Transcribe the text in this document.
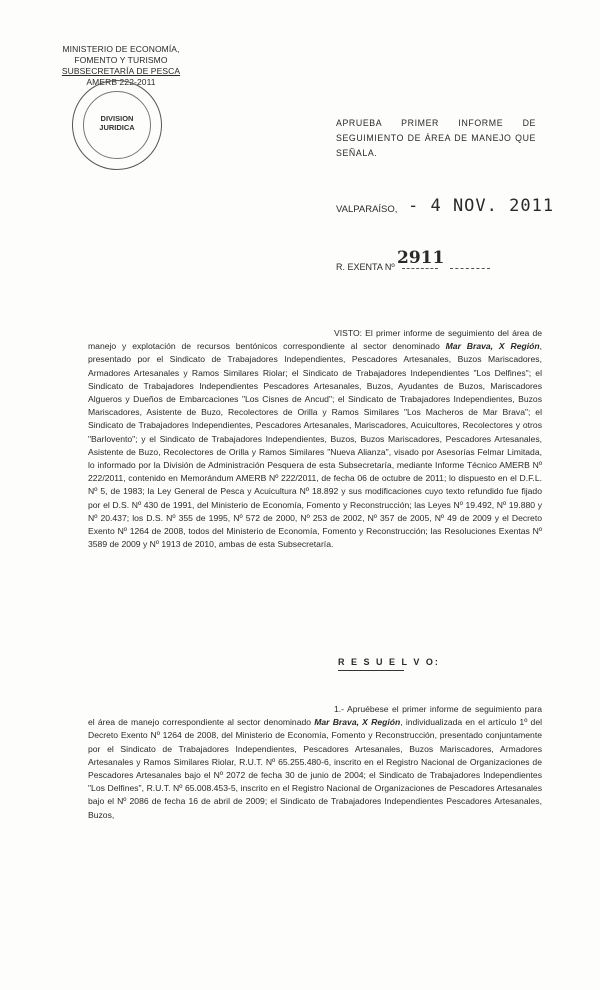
MINISTERIO DE ECONOMÍA,
FOMENTO Y TURISMO
SUBSECRETARÍA DE PESCA
AMERB 222-2011
DIVISION
JURIDICA	APRUEBA PRIMER INFORME DE SEGUIMIENTO DE ÁREA DE MANEJO QUE SEÑALA.
VALPARAÍSO, - 4 NOV. 2011
R. EXENTA Nº 2911
VISTO: El primer informe de seguimiento del área de manejo y explotación de recursos bentónicos correspondiente al sector denominado Mar Brava, X Región, presentado por el Sindicato de Trabajadores Independientes, Pescadores Artesanales, Buzos Mariscadores, Armadores Artesanales y Ramos Similares Riolar; el Sindicato de Trabajadores Independientes "Los Delfines"; el Sindicato de Trabajadores Independientes Pescadores Artesanales, Buzos, Ayudantes de Buzos, Mariscadores Algueros y Dueños de Embarcaciones "Los Cisnes de Ancud"; el Sindicato de Trabajadores Independientes, Buzos Mariscadores, Asistente de Buzo, Recolectores de Orilla y Ramos Similares "Los Macheros de Mar Brava"; el Sindicato de Trabajadores Independientes, Pescadores Artesanales, Mariscadores, Acuicultores, Recolectores y otros "Barlovento"; y el Sindicato de Trabajadores Independientes, Buzos, Buzos Mariscadores, Pescadores Artesanales, Asistente de Buzo, Recolectores de Orilla y Ramos Similares "Nueva Alianza", visado por Asesorías Felmar Limitada, lo informado por la División de Administración Pesquera de esta Subsecretaría, mediante Informe Técnico AMERB Nº 222/2011, contenido en Memorándum AMERB Nº 222/2011, de fecha 06 de octubre de 2011; lo dispuesto en el D.F.L. Nº 5, de 1983; la Ley General de Pesca y Acuicultura Nº 18.892 y sus modificaciones cuyo texto refundido fue fijado por el D.S. Nº 430 de 1991, del Ministerio de Economía, Fomento y Reconstrucción; las Leyes Nº 19.492, Nº 19.880 y Nº 20.437; los D.S. Nº 355 de 1995, Nº 572 de 2000, Nº 253 de 2002, Nº 357 de 2005, Nº 49 de 2009 y el Decreto Exento Nº 1264 de 2008, todos del Ministerio de Economía, Fomento y Reconstrucción; las Resoluciones Exentas Nº 3589 de 2009 y Nº 1913 de 2010, ambas de esta Subsecretaría.
R E S U E L V O:
1.- Apruébese el primer informe de seguimiento para el área de manejo correspondiente al sector denominado Mar Brava, X Región, individualizada en el artículo 1º del Decreto Exento Nº 1264 de 2008, del Ministerio de Economía, Fomento y Reconstrucción, presentado conjuntamente por el Sindicato de Trabajadores Independientes, Pescadores Artesanales, Buzos Mariscadores, Armadores Artesanales y Ramos Similares Riolar, R.U.T. Nº 65.255.480-6, inscrito en el Registro Nacional de Organizaciones de Pescadores Artesanales bajo el Nº 2072 de fecha 30 de junio de 2004; el Sindicato de Trabajadores Independientes "Los Delfines", R.U.T. Nº 65.008.453-5, inscrito en el Registro Nacional de Organizaciones de Pescadores Artesanales bajo el Nº 2086 de fecha 16 de abril de 2009; el Sindicato de Trabajadores Independientes Pescadores Artesanales, Buzos,
